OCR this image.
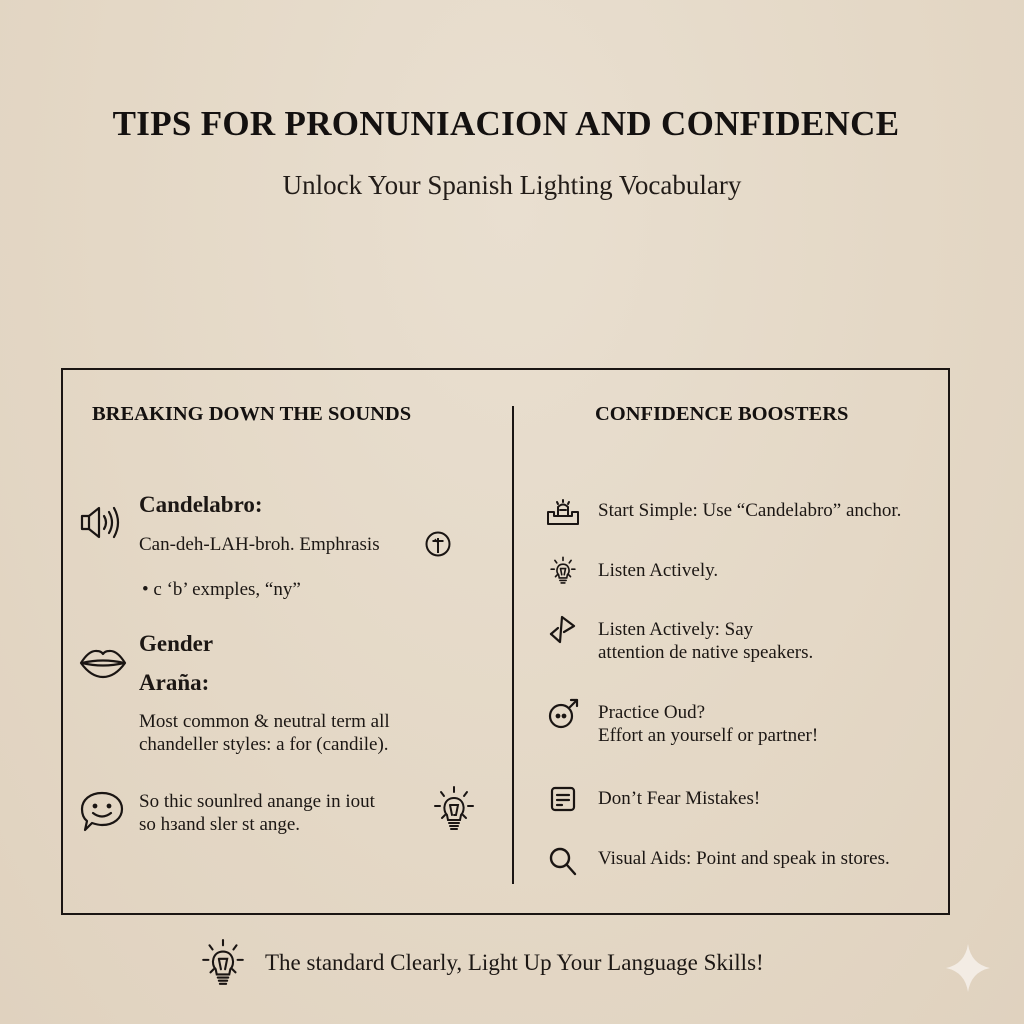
TIPS FOR PRONUNIACION AND CONFIDENCE
Unlock Your Spanish Lighting Vocabulary
BREAKING DOWN THE SOUNDS
Candelabro:
Can-deh-LAH-broh. Emphrasis
• c ‘b’ exmples, “ny”
Gender
Araña:
Most common & neutral term all
chandeller styles: a for (candile).
So thic sounlred anange in iout
so hзand sler st ange.
CONFIDENCE BOOSTERS
Start Simple: Use “Candelabro” anchor.
Listen Actively.
Listen Actively: Say
attention de native speakers.
Practice Oud?
Effort an yourself or partner!
Don’t Fear Mistakes!
Visual Aids: Point and speak in stores.
The standard Clearly, Light Up Your Language Skills!
